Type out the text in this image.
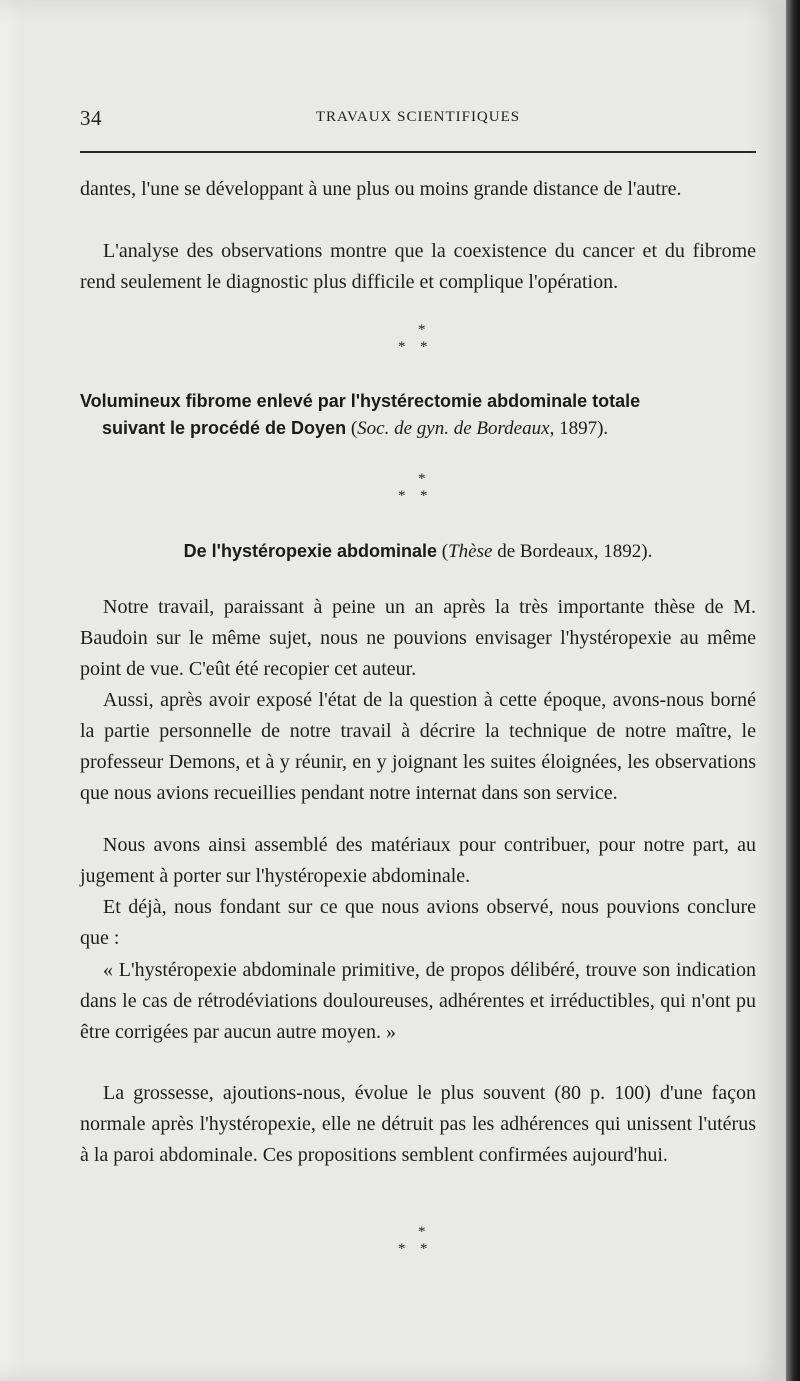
34	TRAVAUX SCIENTIFIQUES

dantes, l'une se développant à une plus ou moins grande distance de l'autre.

L'analyse des observations montre que la coexistence du cancer et du fibrome rend seulement le diagnostic plus difficile et complique l'opération.

*
* *
Volumineux fibrome enlevé par l'hystérectomie abdominale totale
suivant le procédé de Doyen (Soc. de gyn. de Bordeaux, 1897).
*
* *
De l'hystéropexie abdominale (Thèse de Bordeaux, 1892).

Notre travail, paraissant à peine un an après la très importante thèse de M. Baudoin sur le même sujet, nous ne pouvions envisager l'hystéropexie au même point de vue. C'eût été recopier cet auteur.

Aussi, après avoir exposé l'état de la question à cette époque, avons-nous borné la partie personnelle de notre travail à décrire la technique de notre maître, le professeur Demons, et à y réunir, en y joignant les suites éloignées, les observations que nous avions recueillies pendant notre internat dans son service.

Nous avons ainsi assemblé des matériaux pour contribuer, pour notre part, au jugement à porter sur l'hystéropexie abdominale.

Et déjà, nous fondant sur ce que nous avions observé, nous pouvions conclure que :

« L'hystéropexie abdominale primitive, de propos délibéré, trouve son indication dans le cas de rétrodéviations douloureuses, adhérentes et irréductibles, qui n'ont pu être corrigées par aucun autre moyen. »

La grossesse, ajoutions-nous, évolue le plus souvent (80 p. 100) d'une façon normale après l'hystéropexie, elle ne détruit pas les adhérences qui unissent l'utérus à la paroi abdominale. Ces propositions semblent confirmées aujourd'hui.

*
* *
